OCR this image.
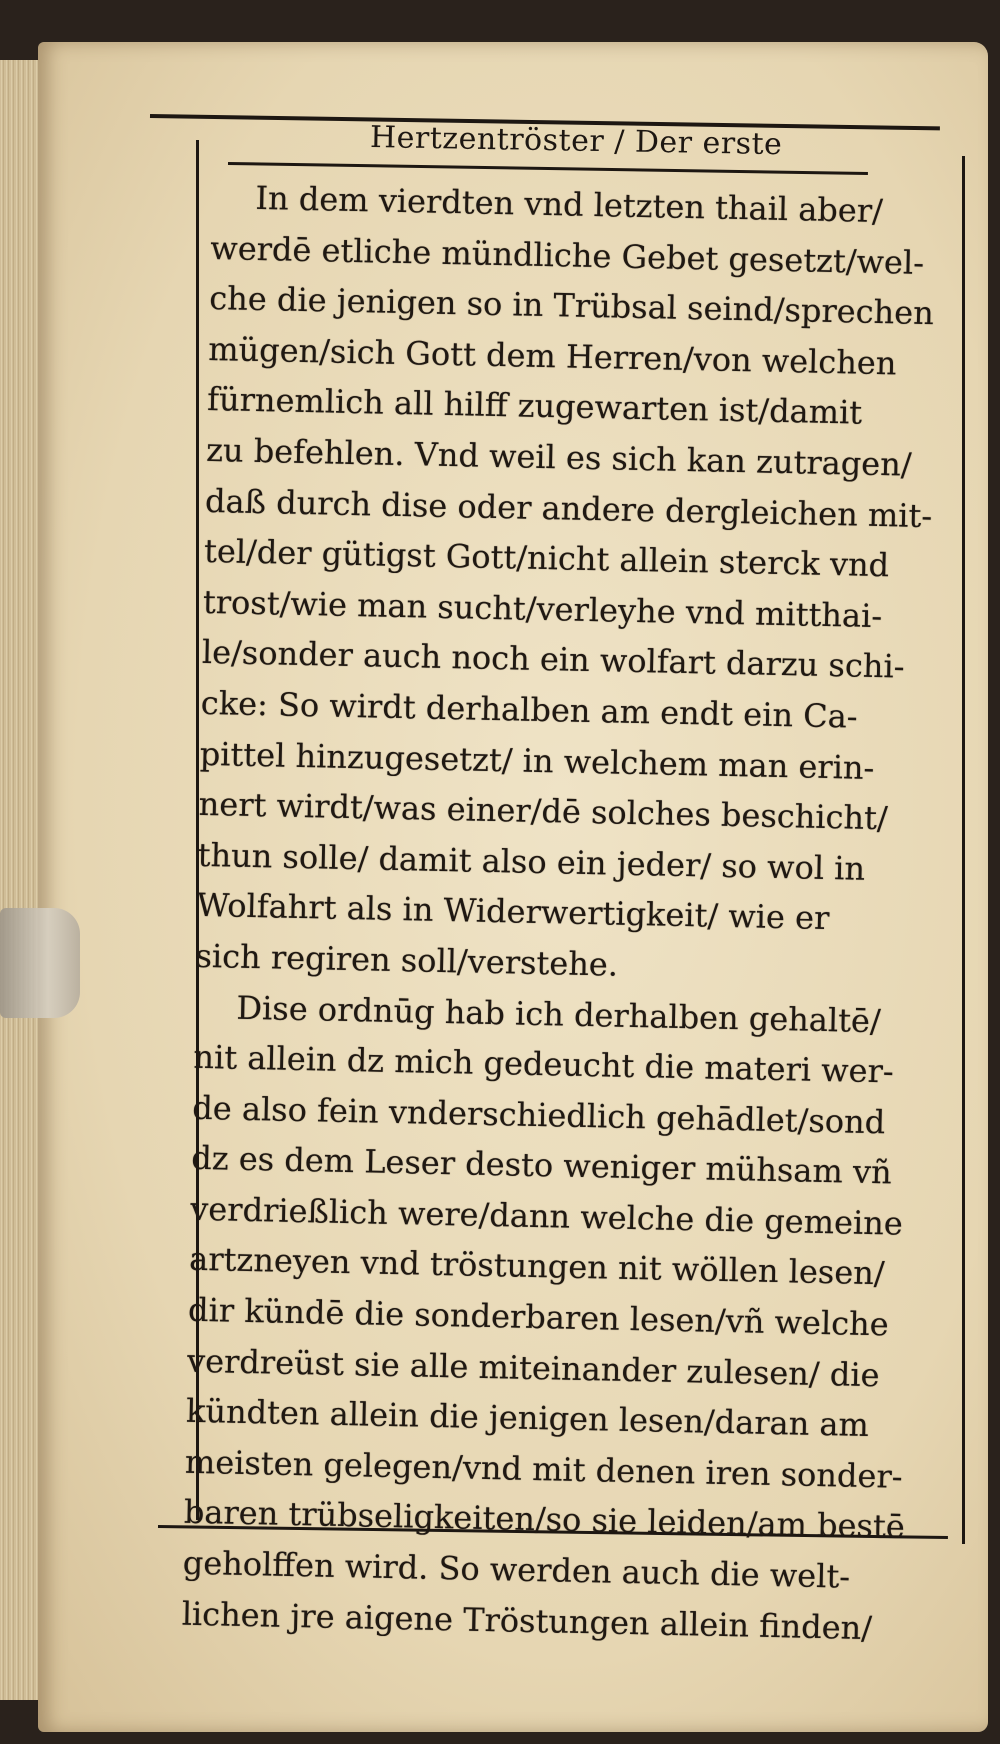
Hertzentröster / Der erste
In dem vierdten vnd letzten thail aber/
werdē etliche mündliche Gebet gesetzt/wel-
che die jenigen so in Trübsal seind/sprechen
mügen/sich Gott dem Herren/von welchen
fürnemlich all hilff zugewarten ist/damit
zu befehlen. Vnd weil es sich kan zutragen/
daß durch dise oder andere dergleichen mit-
tel/der gütigst Gott/nicht allein sterck vnd
trost/wie man sucht/verleyhe vnd mitthai-
le/sonder auch noch ein wolfart darzu schi-
cke: So wirdt derhalben am endt ein Ca-
pittel hinzugesetzt/ in welchem man erin-
nert wirdt/was einer/dē solches beschicht/
thun solle/ damit also ein jeder/ so wol in
Wolfahrt als in Widerwertigkeit/ wie er
sich regiren soll/verstehe.
Dise ordnūg hab ich derhalben gehaltē/
nit allein dz mich gedeucht die materi wer-
de also fein vnderschiedlich gehādlet/sond
dz es dem Leser desto weniger mühsam vñ
verdrießlich were/dann welche die gemeine
artzneyen vnd tröstungen nit wöllen lesen/
dir kündē die sonderbaren lesen/vñ welche
verdreüst sie alle miteinander zulesen/ die
kündten allein die jenigen lesen/daran am
meisten gelegen/vnd mit denen iren sonder-
baren trübseligkeiten/so sie leiden/am bestē
geholffen wird. So werden auch die welt-
lichen jre aigene Tröstungen allein finden/
